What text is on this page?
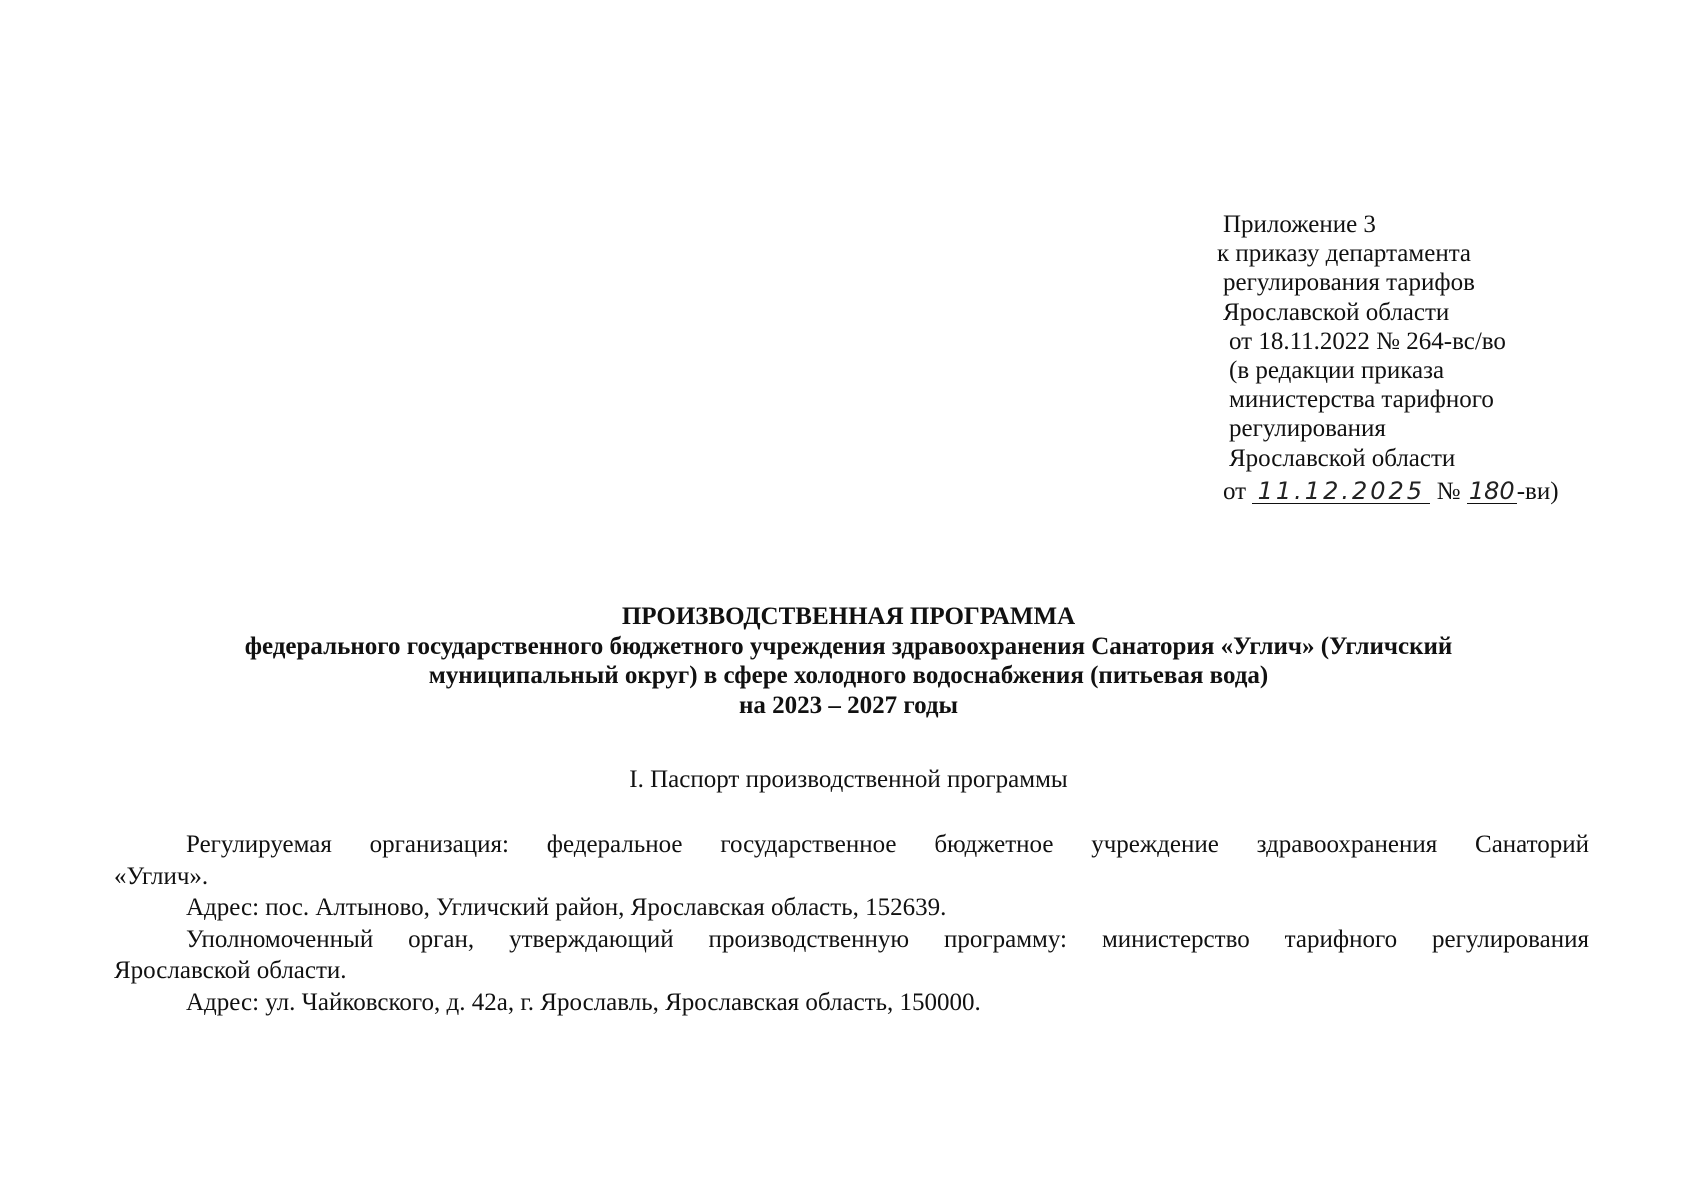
Приложение 3
к приказу департамента
регулирования тарифов
Ярославской области
от 18.11.2022 № 264-вс/во
(в редакции приказа
министерства тарифного
регулирования
Ярославской области
от 11.12.2025 № 180-ви)
ПРОИЗВОДСТВЕННАЯ ПРОГРАММА
федерального государственного бюджетного учреждения здравоохранения Санатория «Углич» (Угличский
муниципальный округ) в сфере холодного водоснабжения (питьевая вода)
на 2023 – 2027 годы
I. Паспорт производственной программы

Регулируемая организация: федеральное государственное бюджетное учреждение здравоохранения Санаторий
«Углич».

Адрес: пос. Алтыново, Угличский район, Ярославская область, 152639.

Уполномоченный орган, утверждающий производственную программу: министерство тарифного регулирования
Ярославской области.

Адрес: ул. Чайковского, д. 42а, г. Ярославль, Ярославская область, 150000.
